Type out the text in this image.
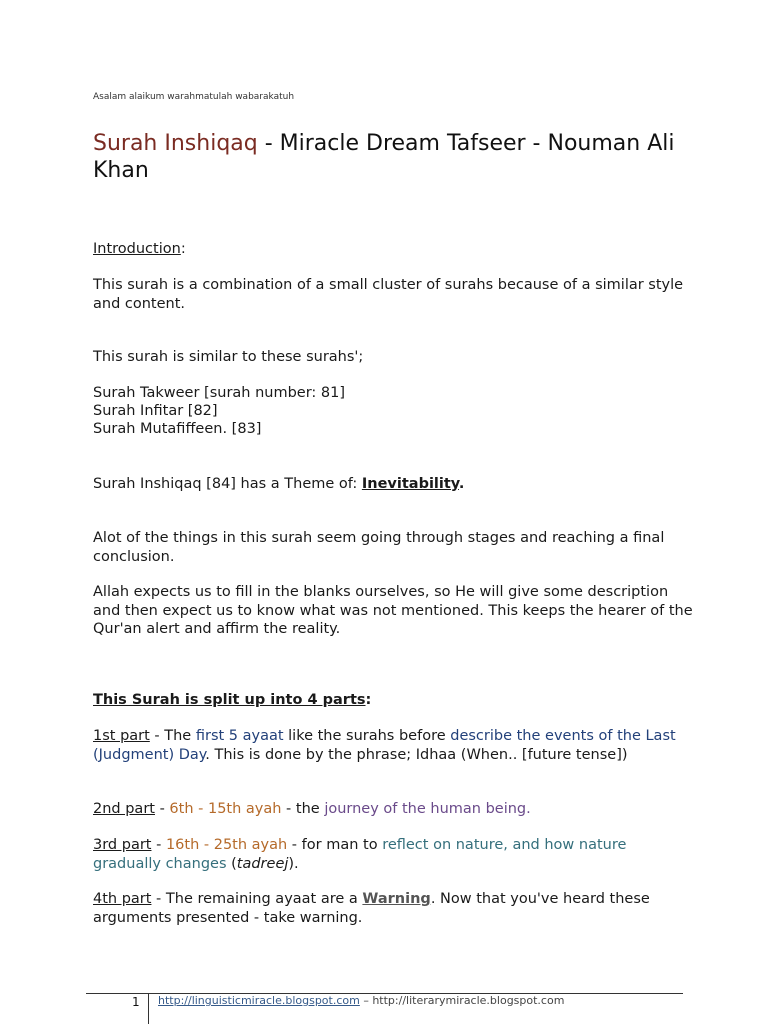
Asalam alaikum warahmatulah wabarakatuh
Surah Inshiqaq - Miracle Dream Tafseer - Nouman Ali Khan

Introduction:

This surah is a combination of a small cluster of surahs because of a similar style and content.

This surah is similar to these surahs';

Surah Takweer [surah number: 81]

Surah Infitar [82]

Surah Mutafiffeen. [83]

Surah Inshiqaq [84] has a Theme of: Inevitability.

Alot of the things in this surah seem going through stages and reaching a final conclusion.

Allah expects us to fill in the blanks ourselves, so He will give some description and then expect us to know what was not mentioned. This keeps the hearer of the Qur'an alert and affirm the reality.

This Surah is split up into 4 parts:

1st part - The first 5 ayaat like the surahs before describe the events of the Last (Judgment) Day. This is done by the phrase; Idhaa (When.. [future tense])

2nd part - 6th - 15th ayah - the journey of the human being.

3rd part - 16th - 25th ayah - for man to reflect on nature, and how nature gradually changes (tadreej).

4th part - The remaining ayaat are a Warning. Now that you've heard these arguments presented - take warning.

1 http://linguisticmiracle.blogspot.com – http://literarymiracle.blogspot.com
